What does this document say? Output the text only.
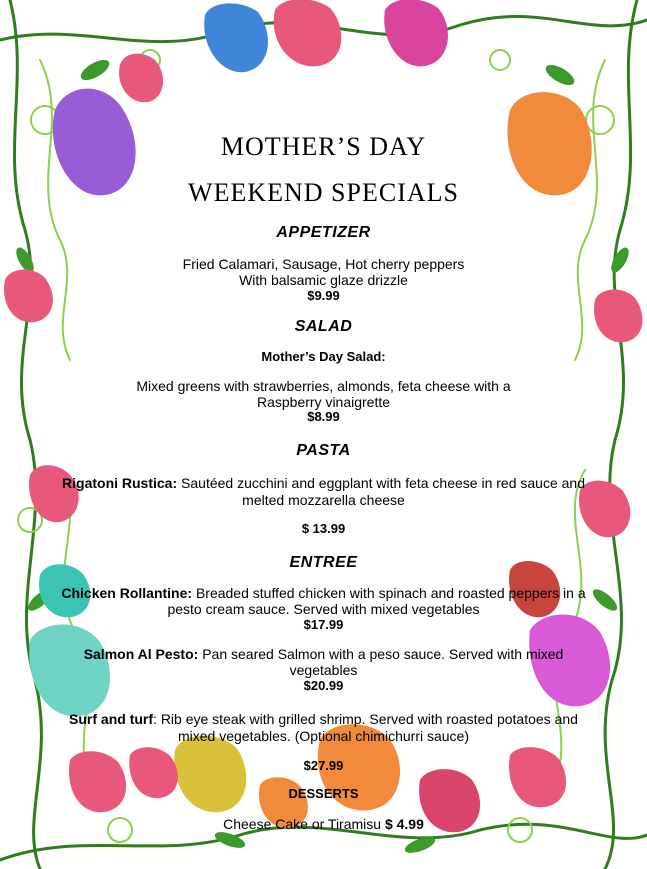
MOTHER’S DAY
WEEKEND SPECIALS
APPETIZER
Fried Calamari, Sausage, Hot cherry peppers
With balsamic glaze drizzle
$9.99
SALAD
Mother’s Day Salad:
Mixed greens with strawberries, almonds, feta cheese with a
Raspberry vinaigrette
$8.99
PASTA
Rigatoni Rustica: Sautéed zucchini and eggplant with feta cheese in red sauce and
melted mozzarella cheese
$ 13.99
ENTREE
Chicken Rollantine: Breaded stuffed chicken with spinach and roasted peppers in a
pesto cream sauce. Served with mixed vegetables
$17.99
Salmon Al Pesto: Pan seared Salmon with a peso sauce. Served with mixed
vegetables
$20.99
Surf and turf: Rib eye steak with grilled shrimp. Served with roasted potatoes and
mixed vegetables. (Optional chimichurri sauce)
$27.99
DESSERTS
Cheese Cake or Tiramisu $ 4.99
